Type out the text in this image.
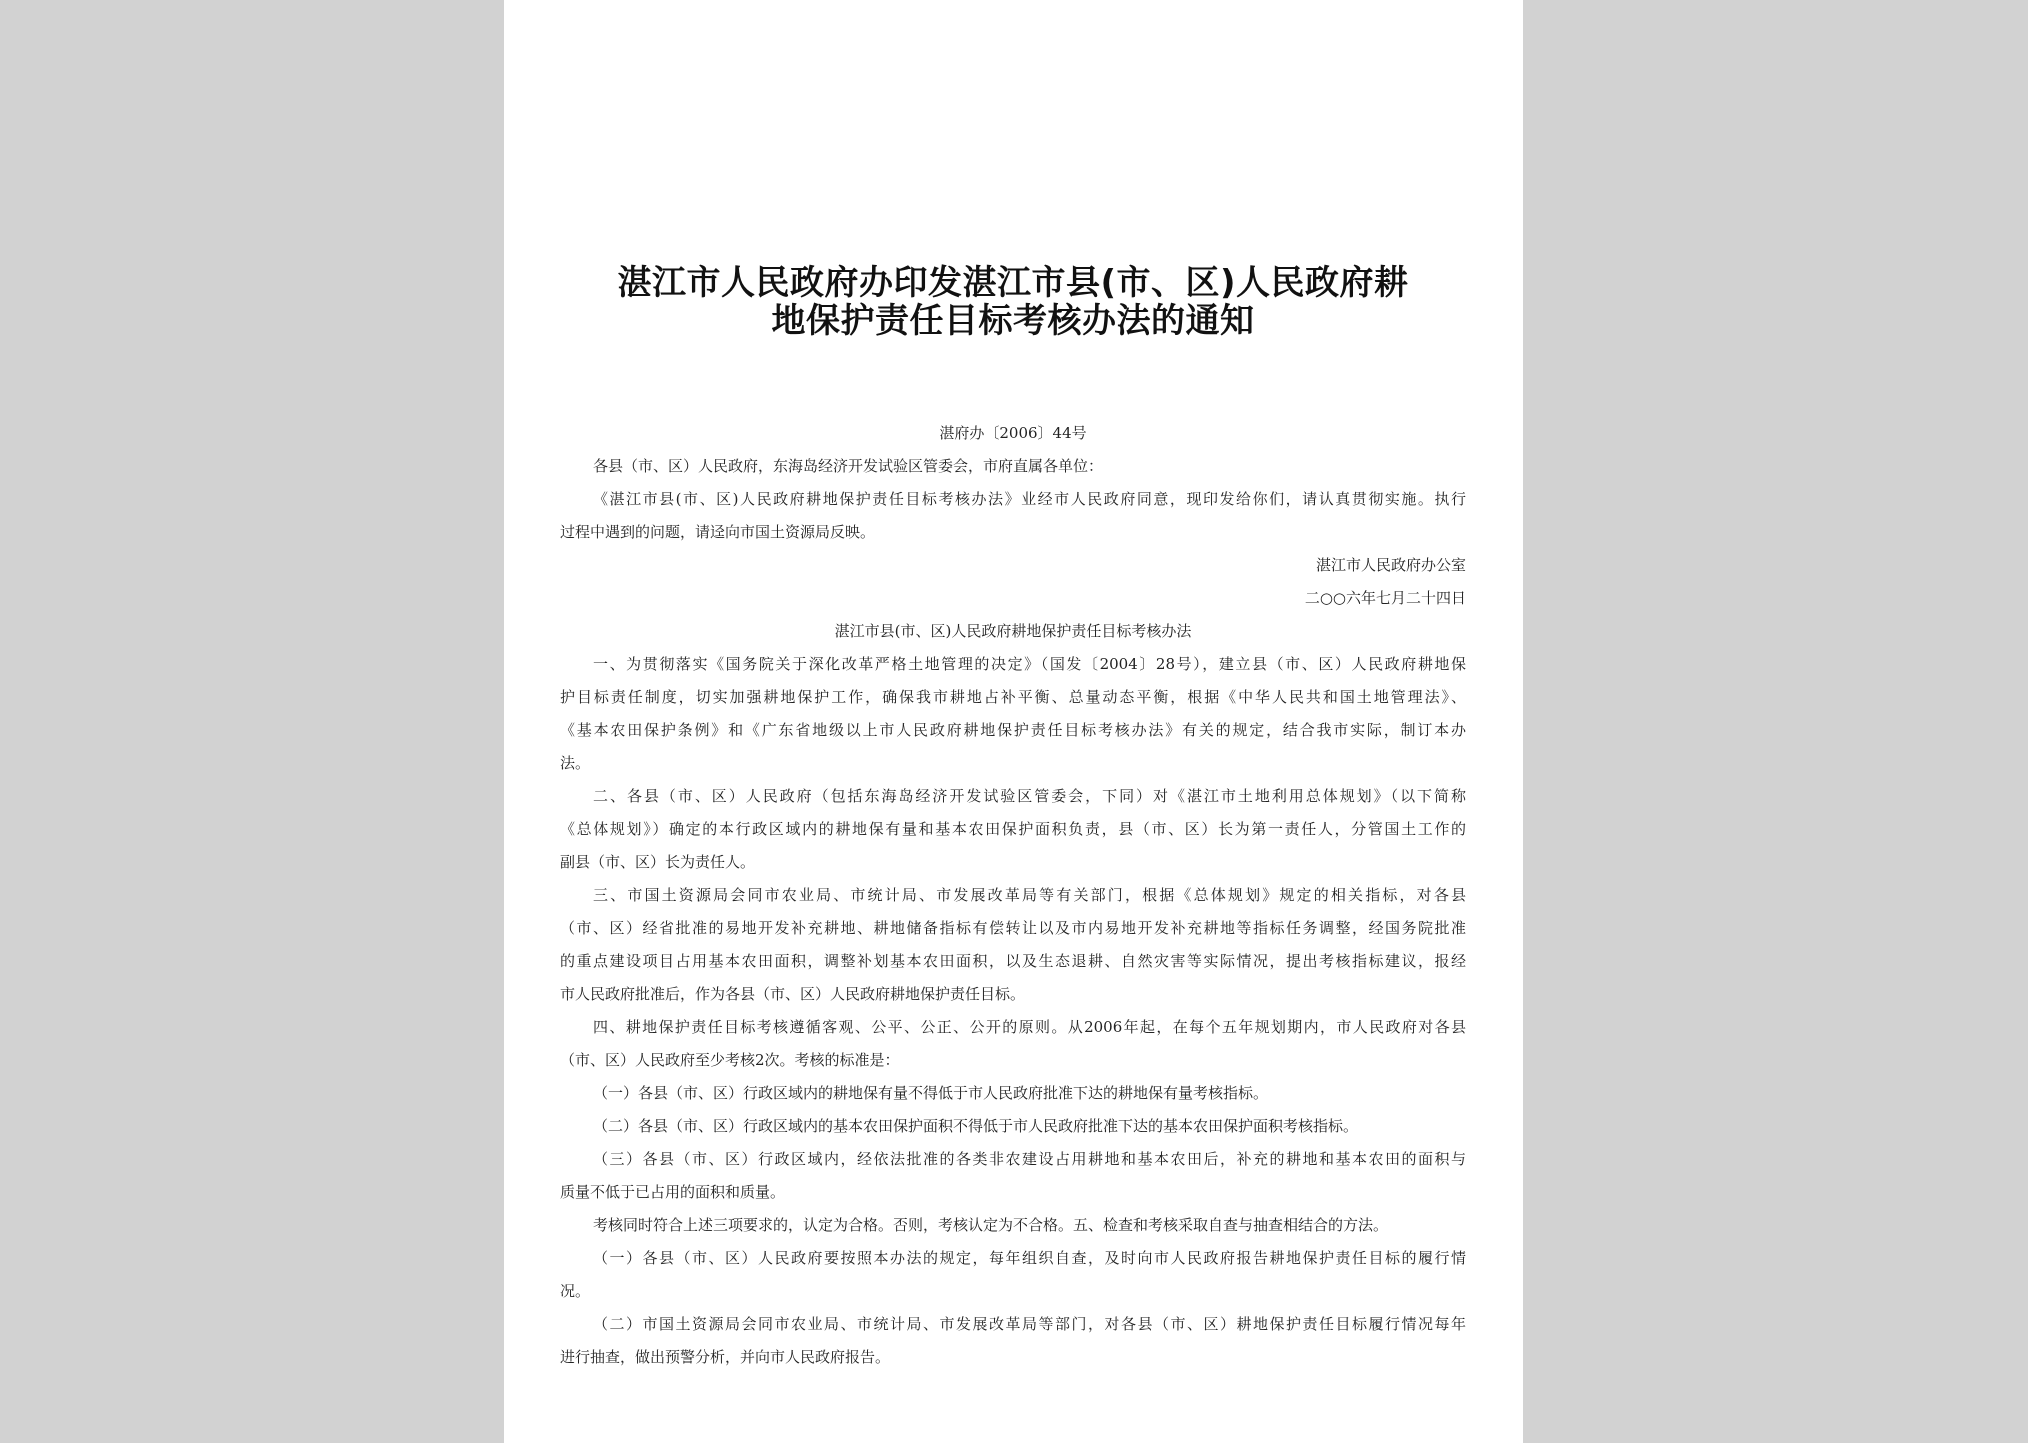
湛江市人民政府办印发湛江市县(市、区)人民政府耕
地保护责任目标考核办法的通知
湛府办〔2006〕44号
各县（市、区）人民政府，东海岛经济开发试验区管委会，市府直属各单位：
《湛江市县(市、区)人民政府耕地保护责任目标考核办法》业经市人民政府同意，现印发给你们，请认真贯彻实施。执行
过程中遇到的问题，请迳向市国土资源局反映。
湛江市人民政府办公室
二○○六年七月二十四日
湛江市县(市、区)人民政府耕地保护责任目标考核办法
一、为贯彻落实《国务院关于深化改革严格土地管理的决定》（国发〔2004〕28号），建立县（市、区）人民政府耕地保
护目标责任制度，切实加强耕地保护工作，确保我市耕地占补平衡、总量动态平衡，根据《中华人民共和国土地管理法》、
《基本农田保护条例》和《广东省地级以上市人民政府耕地保护责任目标考核办法》有关的规定，结合我市实际，制订本办
法。
二、各县（市、区）人民政府（包括东海岛经济开发试验区管委会，下同）对《湛江市土地利用总体规划》（以下简称
《总体规划》）确定的本行政区域内的耕地保有量和基本农田保护面积负责，县（市、区）长为第一责任人，分管国土工作的
副县（市、区）长为责任人。
三、市国土资源局会同市农业局、市统计局、市发展改革局等有关部门，根据《总体规划》规定的相关指标，对各县
（市、区）经省批准的易地开发补充耕地、耕地储备指标有偿转让以及市内易地开发补充耕地等指标任务调整，经国务院批准
的重点建设项目占用基本农田面积，调整补划基本农田面积，以及生态退耕、自然灾害等实际情况，提出考核指标建议，报经
市人民政府批准后，作为各县（市、区）人民政府耕地保护责任目标。
四、耕地保护责任目标考核遵循客观、公平、公正、公开的原则。从2006年起，在每个五年规划期内，市人民政府对各县
（市、区）人民政府至少考核2次。考核的标准是：
（一）各县（市、区）行政区域内的耕地保有量不得低于市人民政府批准下达的耕地保有量考核指标。
（二）各县（市、区）行政区域内的基本农田保护面积不得低于市人民政府批准下达的基本农田保护面积考核指标。
（三）各县（市、区）行政区域内，经依法批准的各类非农建设占用耕地和基本农田后，补充的耕地和基本农田的面积与
质量不低于已占用的面积和质量。
考核同时符合上述三项要求的，认定为合格。否则，考核认定为不合格。五、检查和考核采取自查与抽查相结合的方法。
（一）各县（市、区）人民政府要按照本办法的规定，每年组织自查，及时向市人民政府报告耕地保护责任目标的履行情
况。
（二）市国土资源局会同市农业局、市统计局、市发展改革局等部门，对各县（市、区）耕地保护责任目标履行情况每年
进行抽查，做出预警分析，并向市人民政府报告。
